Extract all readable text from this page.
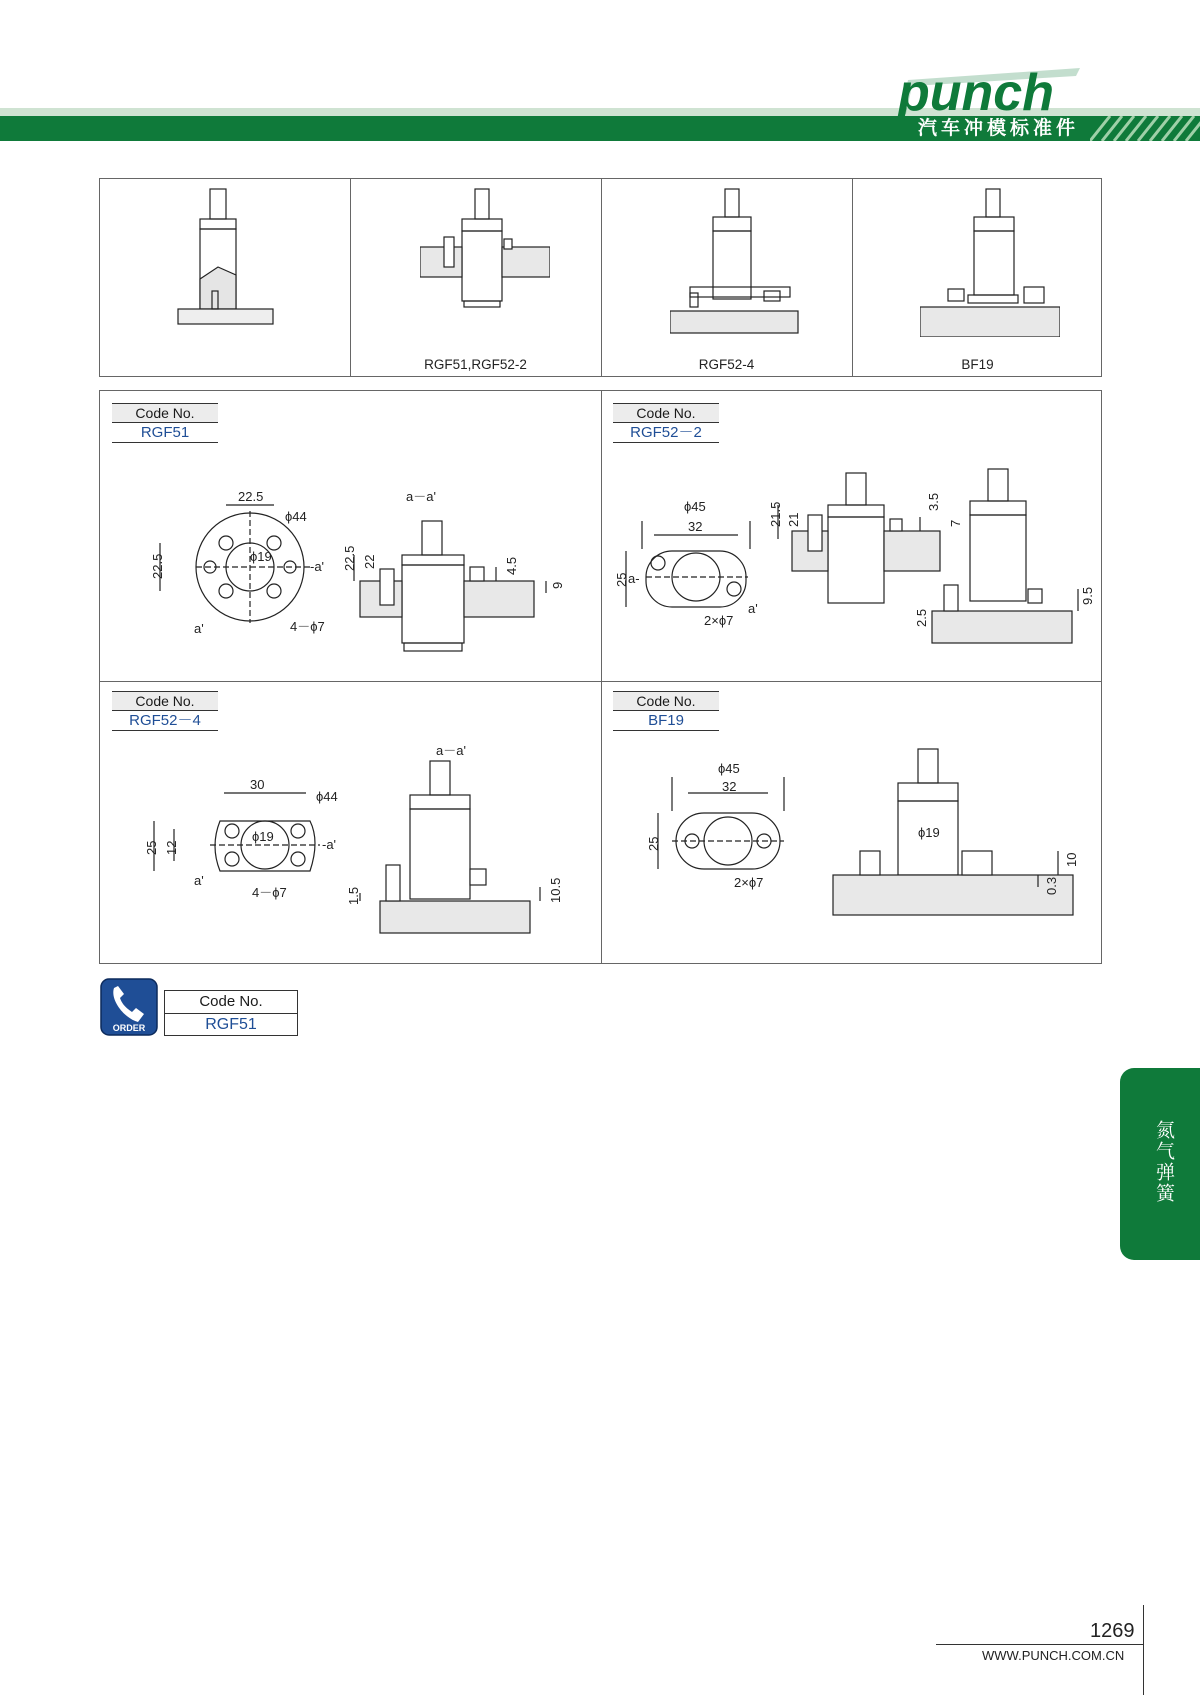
punch
汽车冲模标准件
RGF51,RGF52-2	RGF52-4	BF19
Code No.
RGF51
22.5
ϕ44
ϕ19
22.5
4－ϕ7
-a'
a'
a－a'
22.5 22	4.5
9
Code No.
RGF52－2
ϕ45
32
25 a-
2×ϕ7
a'
21.5 21
3.5
7
2.5
9.5
Code No.
RGF52－4
30
ϕ44
ϕ19
25 12
4－ϕ7
-a'
a'
a－a'
1.5	10.5
Code No.
BF19
ϕ45
32
25
2×ϕ7
ϕ19
10
0.3
ORDER
Code No.
RGF51
氮气弹簧
1269
WWW.PUNCH.COM.CN
